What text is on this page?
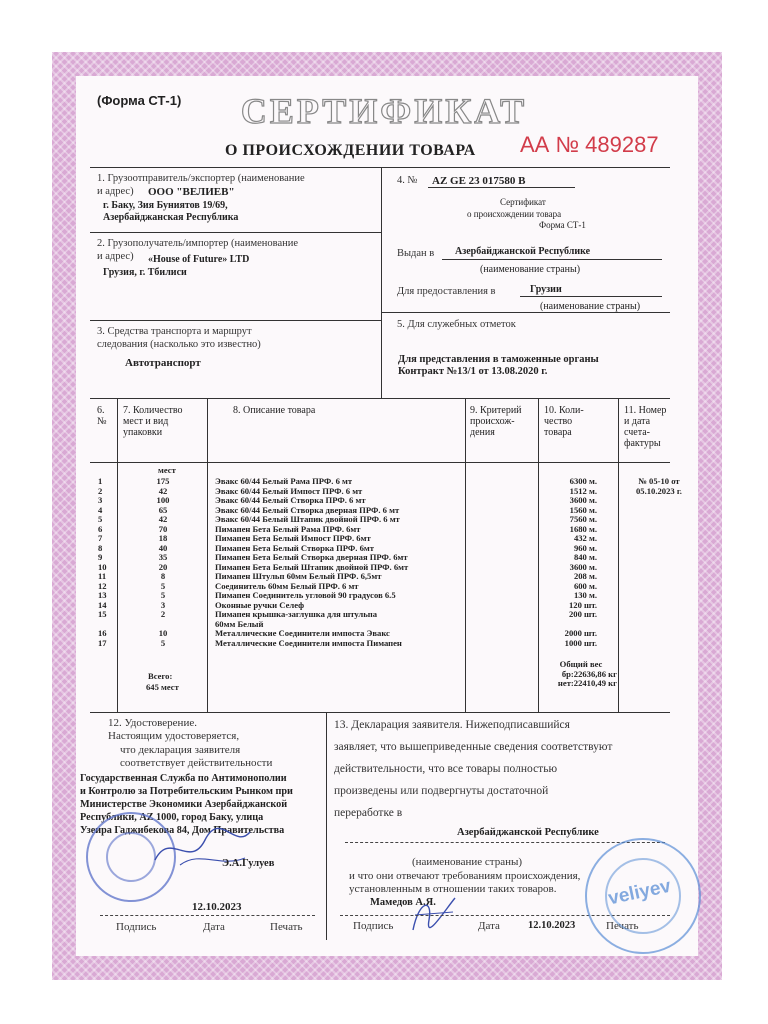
(Форма СТ-1)	СЕРТИФИКАТ
О ПРОИСХОЖДЕНИИ ТОВАРА АА № 489287
1. Грузоотправитель/экспортер (наименование
и адрес) ООО "ВЕЛИЕВ"
г. Баку, Зия Буниятов 19/69,
Азербайджанская Республика
2. Грузополучатель/импортер (наименование
и адрес) «House of Future» LTD
Грузия, г. Тбилиси
3. Средства транспорта и маршрут
следования (насколько это известно)
Автотранспорт
4. № AZ GE 23 017580 B
Сертификат
о происхождении товара
Форма СТ-1
Выдан в Азербайджанской Республике
(наименование страны)
Для предоставления в	Грузии
(наименование страны)
5. Для служебных отметок
Для представления в таможенные органы
Контракт №13/1 от 13.08.2020 г.
6.
№
7. Количество
мест и вид
упаковки
8. Описание товара	9. Критерий
происхож-
дения
10. Коли-
чество
товара
11. Номер
и дата
счета-
фактуры
мест
№ 05-10 от
05.10.2023 г.
1	175	Эвакс 60/44 Белый Рама ПРФ. 6 мт	6300 м.
2	42	Эвакс 60/44 Белый Импост ПРФ. 6 мт	1512 м.
3	100	Эвакс 60/44 Белый Створка ПРФ. 6 мт	3600 м.
4	65	Эвакс 60/44 Белый Створка дверная ПРФ. 6 мт	1560 м.
5	42	Эвакс 60/44 Белый Штапик двойной ПРФ. 6 мт	7560 м.
6	70	Пимапен Бета Белый Рама ПРФ. 6мт	1680 м.
7	18	Пимапен Бета Белый Импост ПРФ. 6мт	432 м.
8	40	Пимапен Бета Белый Створка ПРФ. 6мт	960 м.
9	35	Пимапен Бета Белый Створка дверная ПРФ. 6мт	840 м.
10	20	Пимапен Бета Белый Штапик двойной ПРФ. 6мт	3600 м.
11	8	Пимапен Штульп 60мм Белый ПРФ. 6,5мт	208 м.
12	5	Соединитель 60мм Белый ПРФ. 6 мт	600 м.
13	5	Пимапен Соединитель угловой 90 градусов 6.5	130 м.
14	3	Оконные ручки Селеф	120 шт.
15	2	Пимапен крышка-заглушка для штульпа	200 шт.
60мм Белый
16	10	Металлические Соединители импоста Эвакс	2000 шт.
17	5	Металлические Соединители импоста Пимапен	1000 шт.
Всего:
645 мест
Общий вес
бр:22636,86 кг
нет:22410,49 кг
12. Удостоверение.
Настоящим удостоверяется,
что декларация заявителя
соответствует действительности
Государственная Служба по Антимонополии
и Контролю за Потребительским Рынком при
Министерстве Экономики Азербайджанской
Республики, AZ 1000, город Баку, улица
Узеира Гаджибекова 84, Дом Правительства
Э.А.Гулуев
12.10.2023
Подпись	Дата	Печать
13. Декларация заявителя. Нижеподписавшийся
заявляет, что вышеприведенные сведения соответствуют
действительности, что все товары полностью
произведены или подвергнуты достаточной
переработке в
Азербайджанской Республике
(наименование страны)
и что они отвечают требованиям происхождения,
установленным в отношении таких товаров.
Мамедов А.Я.
12.10.2023
Подпись	Дата	Печать
veliyev
